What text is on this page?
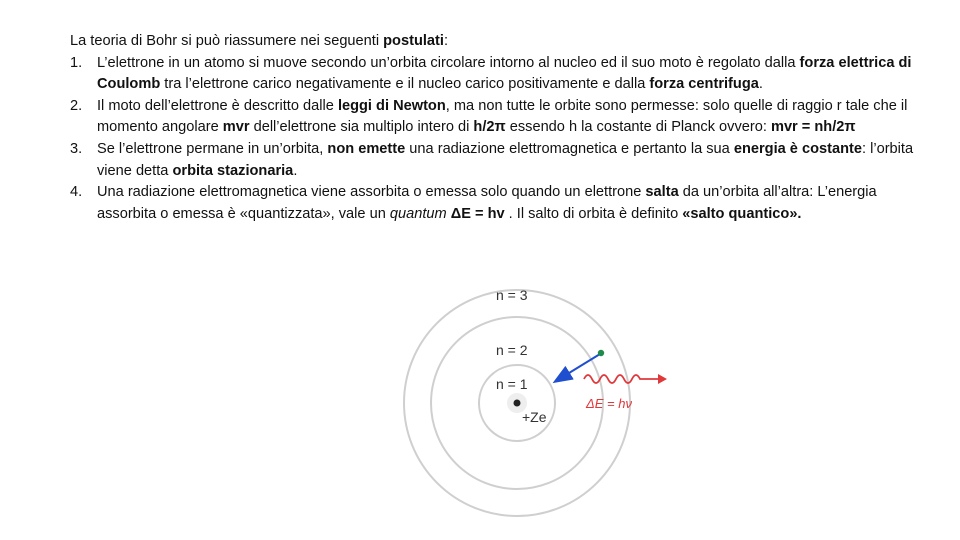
La teoria di Bohr si può riassumere nei seguenti postulati:

1. L’elettrone in un atomo si muove secondo un’orbita circolare intorno al nucleo ed il suo moto è regolato dalla forza elettrica di Coulomb tra l’elettrone carico negativamente e il nucleo carico positivamente e dalla forza centrifuga.
2. Il moto dell’elettrone è descritto dalle leggi di Newton, ma non tutte le orbite sono permesse: solo quelle di raggio r tale che il momento angolare mvr dell’elettrone sia multiplo intero di h/2π essendo h la costante di Planck ovvero: mvr = nh/2π
3. Se l’elettrone permane in un’orbita, non emette una radiazione elettromagnetica e pertanto la sua energia è costante: l’orbita viene detta orbita stazionaria.
4. Una radiazione elettromagnetica viene assorbita o emessa solo quando un elettrone salta da un’orbita all’altra: L’energia assorbita o emessa è «quantizzata», vale un quantum ΔE = hv . Il salto di orbita è definito «salto quantico».
n = 3
n = 2
n = 1
+Ze
ΔE = hν
